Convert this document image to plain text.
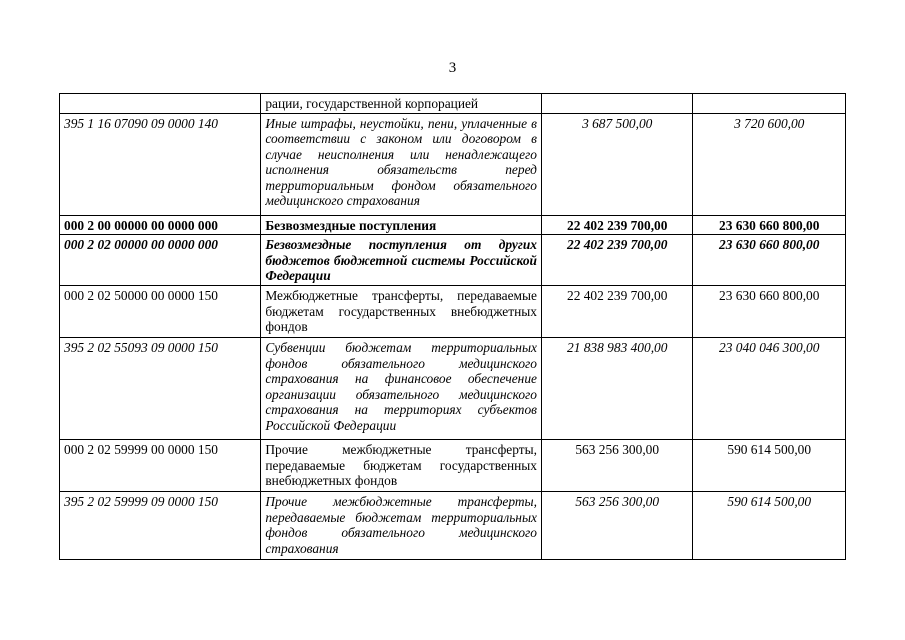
3
	рации, государственной корпорацией		
395 1 16 07090 09 0000 140	Иные штрафы, неустойки, пени, уплаченные в соответствии с законом или договором в случае неисполнения или ненадлежащего исполнения обязательств перед территориальным фондом обязательного медицинского страхования	3 687 500,00	3 720 600,00
000 2 00 00000 00 0000 000	Безвозмездные поступления	22 402 239 700,00	23 630 660 800,00
000 2 02 00000 00 0000 000	Безвозмездные поступления от других бюджетов бюджетной системы Российской Федерации	22 402 239 700,00	23 630 660 800,00
000 2 02 50000 00 0000 150	Межбюджетные трансферты, передаваемые бюджетам государственных внебюджетных фондов	22 402 239 700,00	23 630 660 800,00
395 2 02 55093 09 0000 150	Субвенции бюджетам территориальных фондов обязательного медицинского страхования на финансовое обеспечение организации обязательного медицинского страхования на территориях субъектов Российской Федерации	21 838 983 400,00	23 040 046 300,00
000 2 02 59999 00 0000 150	Прочие межбюджетные трансферты, передаваемые бюджетам государственных внебюджетных фондов	563 256 300,00	590 614 500,00
395 2 02 59999 09 0000 150	Прочие межбюджетные трансферты, передаваемые бюджетам территориальных фондов обязательного медицинского страхования	563 256 300,00	590 614 500,00
